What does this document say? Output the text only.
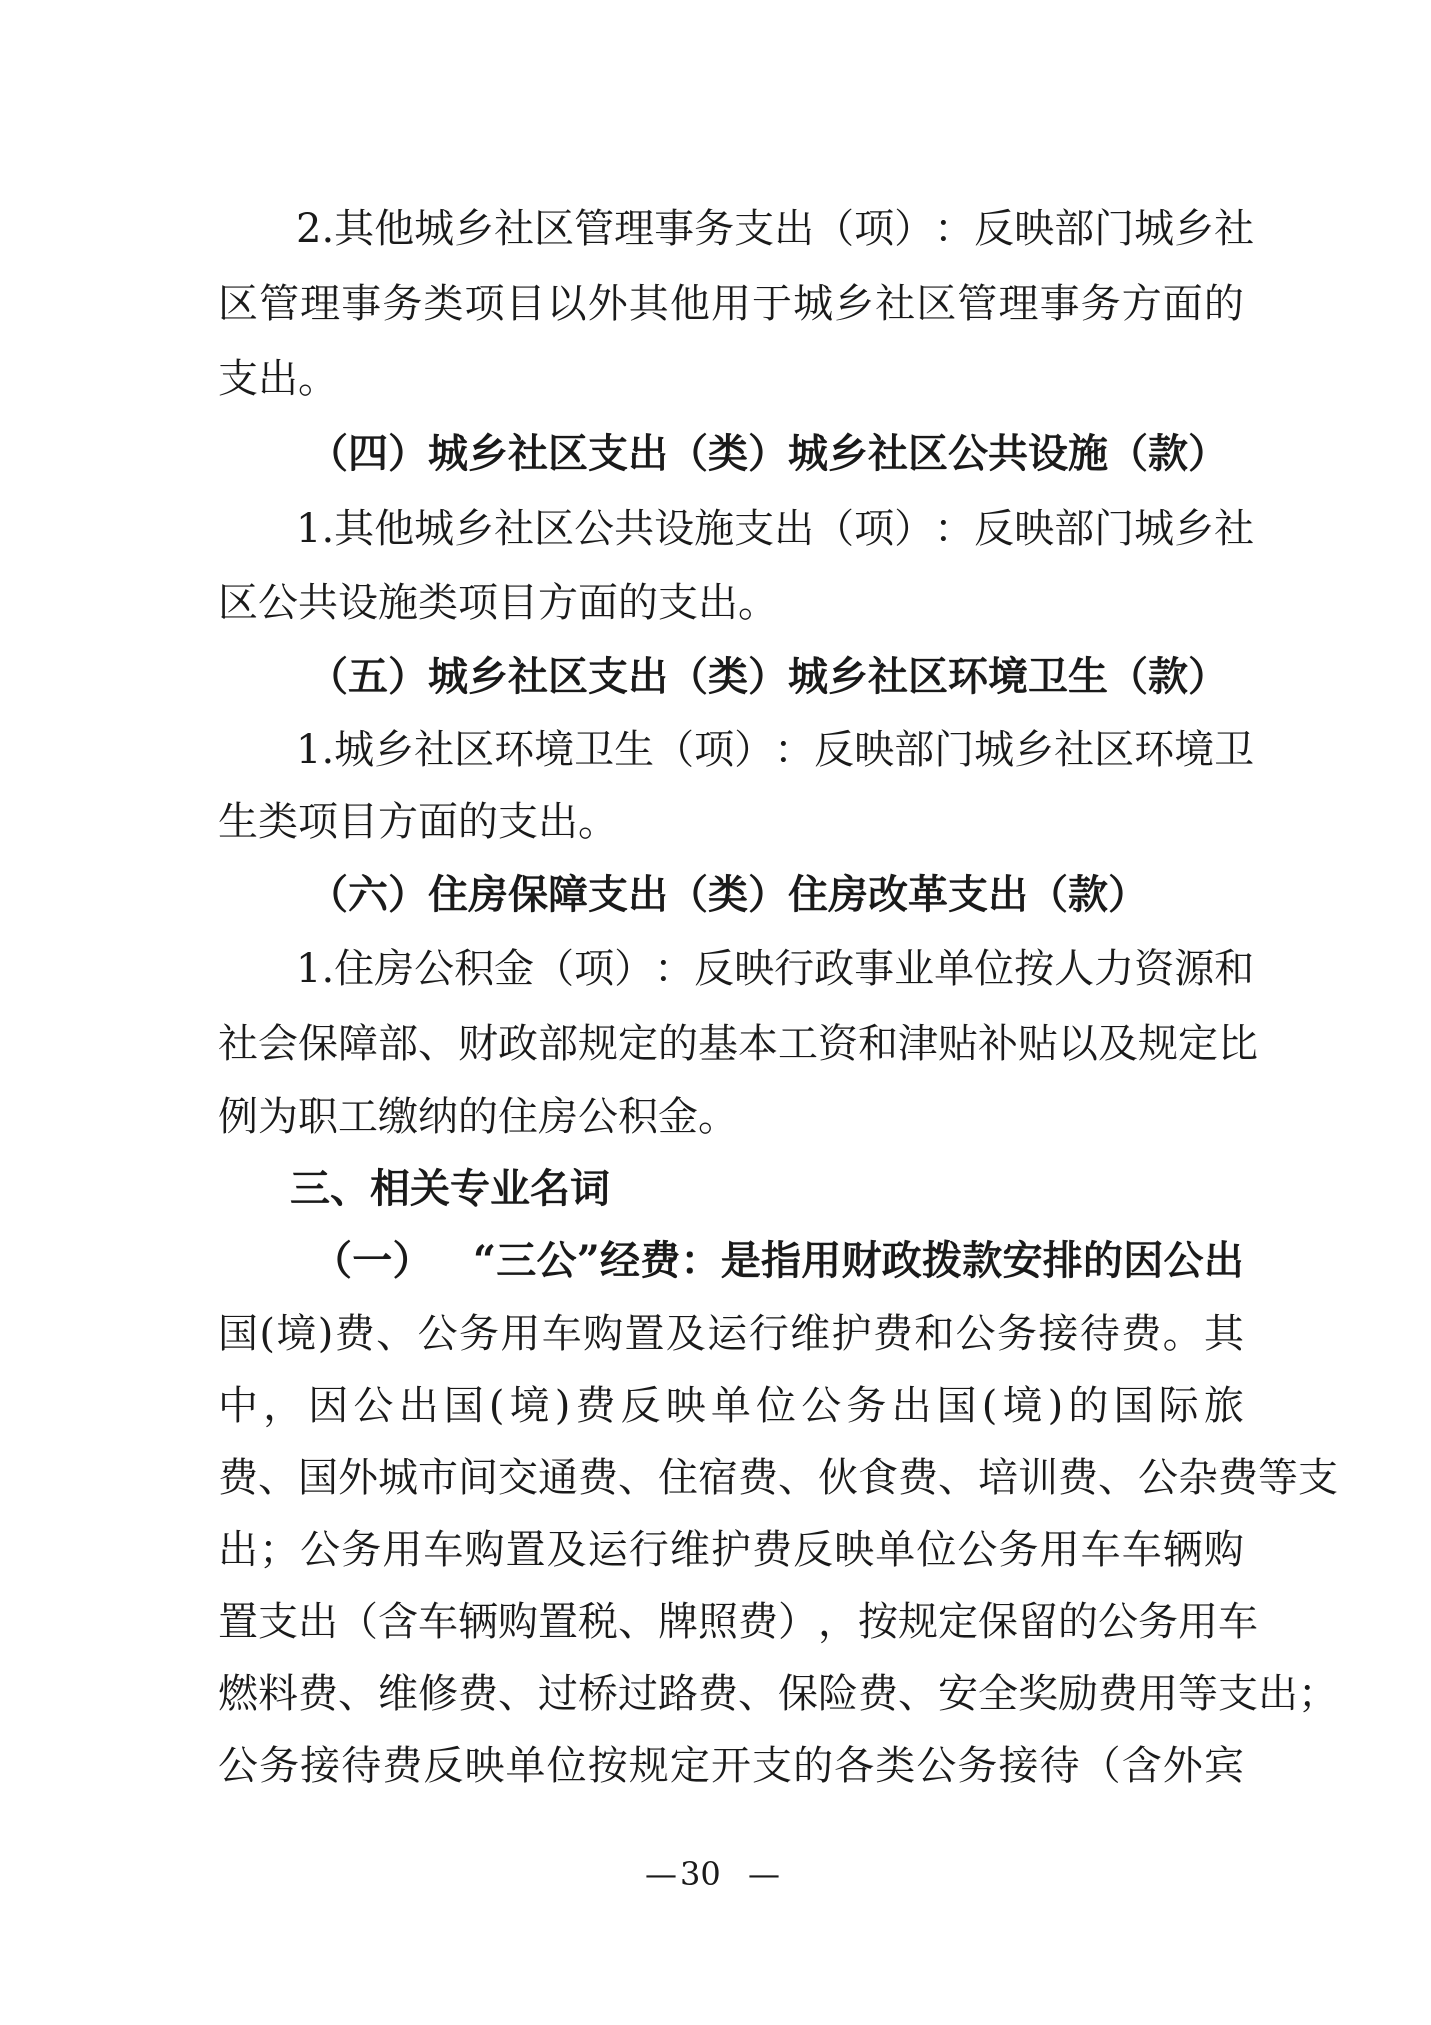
2 . 其 他 城 乡 社 区 管 理 事 务 支 出 （ 项 ） ： 反 映 部 门 城 乡 社
区 管 理 事 务 类 项 目 以 外 其 他 用 于 城 乡 社 区 管 理 事 务 方 面 的
支 出 。
（ 四 ） 城 乡 社 区 支 出 （ 类 ） 城 乡 社 区 公 共 设 施 （ 款 ）
1 . 其 他 城 乡 社 区 公 共 设 施 支 出 （ 项 ） ： 反 映 部 门 城 乡 社
区 公 共 设 施 类 项 目 方 面 的 支 出 。
（ 五 ） 城 乡 社 区 支 出 （ 类 ） 城 乡 社 区 环 境 卫 生 （ 款 ）
1 . 城 乡 社 区 环 境 卫 生 （ 项 ） ： 反 映 部 门 城 乡 社 区 环 境 卫
生 类 项 目 方 面 的 支 出 。
（ 六 ） 住 房 保 障 支 出 （ 类 ） 住 房 改 革 支 出 （ 款 ）
1 . 住 房 公 积 金 （ 项 ） ： 反 映 行 政 事 业 单 位 按 人 力 资 源 和
社 会 保 障 部 、 财 政 部 规 定 的 基 本 工 资 和 津 贴 补 贴 以 及 规 定 比
例 为 职 工 缴 纳 的 住 房 公 积 金 。
三 、 相 关 专 业 名 词
（ 一 ）
　 “ 三 公 ” 经 费 ： 是 指 用 财 政 拨 款 安 排 的 因 公 出
国 ( 境 ) 费 、 公 务 用 车 购 置 及 运 行 维 护 费 和 公 务 接 待 费 。 其
中 ， 因 公 出 国 ( 境 ) 费 反 映 单 位 公 务 出 国 ( 境 ) 的 国 际 旅
费 、 国 外 城 市 间 交 通 费 、 住 宿 费 、 伙 食 费 、 培 训 费 、 公 杂 费 等 支
出 ； 公 务 用 车 购 置 及 运 行 维 护 费 反 映 单 位 公 务 用 车 车 辆 购
置 支 出 （ 含 车 辆 购 置 税 、 牌 照 费 ） ， 按 规 定 保 留 的 公 务 用 车
燃 料 费 、 维 修 费 、 过 桥 过 路 费 、 保 险 费 、 安 全 奖 励 费 用 等 支 出 ；
公 务 接 待 费 反 映 单 位 按 规 定 开 支 的 各 类 公 务 接 待 （ 含 外 宾
— 30 —
